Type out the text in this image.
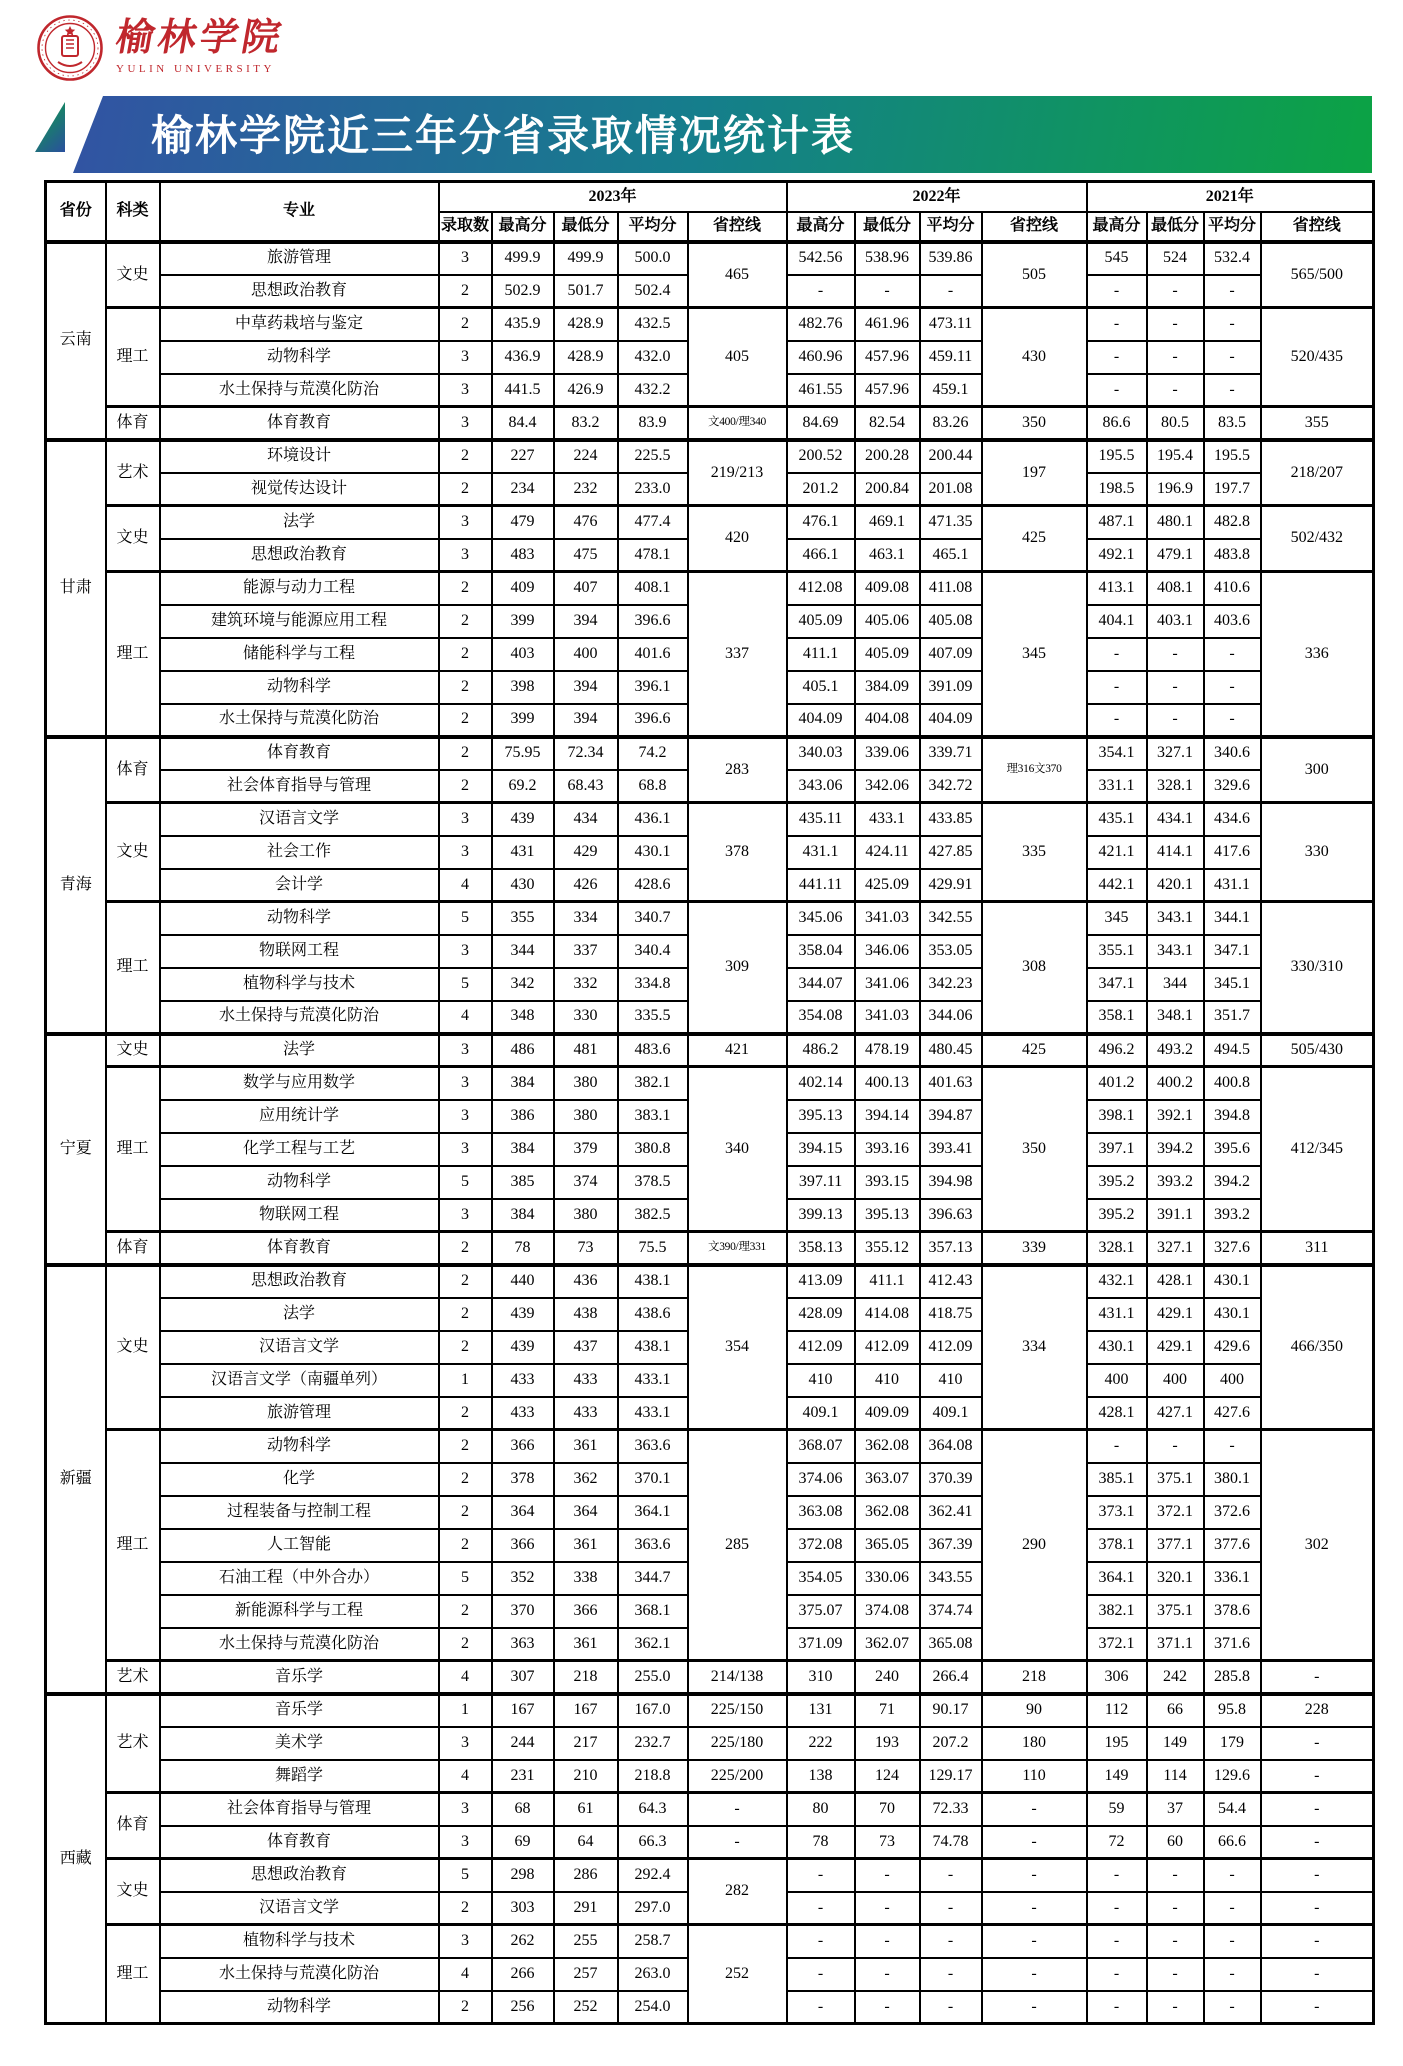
榆林学院
YULIN UNIVERSITY
榆林学院近三年分省录取情况统计表
省份	科类	专业	2023年					2022年				2021年			
			录取数	最高分	最低分	平均分	省控线	最高分	最低分	平均分	省控线	最高分	最低分	平均分	省控线
云南	文史	旅游管理	3	499.9	499.9	500.0	465	542.56	538.96	539.86	505	545	524	532.4	565/500
		思想政治教育	2	502.9	501.7	502.4		-	-	-		-	-	-	
	理工	中草药栽培与鉴定	2	435.9	428.9	432.5	405	482.76	461.96	473.11	430	-	-	-	520/435
		动物科学	3	436.9	428.9	432.0		460.96	457.96	459.11		-	-	-	
		水土保持与荒漠化防治	3	441.5	426.9	432.2		461.55	457.96	459.1		-	-	-	
	体育	体育教育	3	84.4	83.2	83.9	文400/理340	84.69	82.54	83.26	350	86.6	80.5	83.5	355
甘肃	艺术	环境设计	2	227	224	225.5	219/213	200.52	200.28	200.44	197	195.5	195.4	195.5	218/207
		视觉传达设计	2	234	232	233.0		201.2	200.84	201.08		198.5	196.9	197.7	
	文史	法学	3	479	476	477.4	420	476.1	469.1	471.35	425	487.1	480.1	482.8	502/432
		思想政治教育	3	483	475	478.1		466.1	463.1	465.1		492.1	479.1	483.8	
	理工	能源与动力工程	2	409	407	408.1	337	412.08	409.08	411.08	345	413.1	408.1	410.6	336
		建筑环境与能源应用工程	2	399	394	396.6		405.09	405.06	405.08		404.1	403.1	403.6	
		储能科学与工程	2	403	400	401.6		411.1	405.09	407.09		-	-	-	
		动物科学	2	398	394	396.1		405.1	384.09	391.09		-	-	-	
		水土保持与荒漠化防治	2	399	394	396.6		404.09	404.08	404.09		-	-	-	
青海	体育	体育教育	2	75.95	72.34	74.2	283	340.03	339.06	339.71	理316文370	354.1	327.1	340.6	300
		社会体育指导与管理	2	69.2	68.43	68.8		343.06	342.06	342.72		331.1	328.1	329.6	
	文史	汉语言文学	3	439	434	436.1	378	435.11	433.1	433.85	335	435.1	434.1	434.6	330
		社会工作	3	431	429	430.1		431.1	424.11	427.85		421.1	414.1	417.6	
		会计学	4	430	426	428.6		441.11	425.09	429.91		442.1	420.1	431.1	
	理工	动物科学	5	355	334	340.7	309	345.06	341.03	342.55	308	345	343.1	344.1	330/310
		物联网工程	3	344	337	340.4		358.04	346.06	353.05		355.1	343.1	347.1	
		植物科学与技术	5	342	332	334.8		344.07	341.06	342.23		347.1	344	345.1	
		水土保持与荒漠化防治	4	348	330	335.5		354.08	341.03	344.06		358.1	348.1	351.7	
宁夏	文史	法学	3	486	481	483.6	421	486.2	478.19	480.45	425	496.2	493.2	494.5	505/430
	理工	数学与应用数学	3	384	380	382.1	340	402.14	400.13	401.63	350	401.2	400.2	400.8	412/345
		应用统计学	3	386	380	383.1		395.13	394.14	394.87		398.1	392.1	394.8	
		化学工程与工艺	3	384	379	380.8		394.15	393.16	393.41		397.1	394.2	395.6	
		动物科学	5	385	374	378.5		397.11	393.15	394.98		395.2	393.2	394.2	
		物联网工程	3	384	380	382.5		399.13	395.13	396.63		395.2	391.1	393.2	
	体育	体育教育	2	78	73	75.5	文390/理331	358.13	355.12	357.13	339	328.1	327.1	327.6	311
新疆	文史	思想政治教育	2	440	436	438.1	354	413.09	411.1	412.43	334	432.1	428.1	430.1	466/350
		法学	2	439	438	438.6		428.09	414.08	418.75		431.1	429.1	430.1	
		汉语言文学	2	439	437	438.1		412.09	412.09	412.09		430.1	429.1	429.6	
		汉语言文学（南疆单列）	1	433	433	433.1		410	410	410		400	400	400	
		旅游管理	2	433	433	433.1		409.1	409.09	409.1		428.1	427.1	427.6	
	理工	动物科学	2	366	361	363.6	285	368.07	362.08	364.08	290	-	-	-	302
		化学	2	378	362	370.1		374.06	363.07	370.39		385.1	375.1	380.1	
		过程装备与控制工程	2	364	364	364.1		363.08	362.08	362.41		373.1	372.1	372.6	
		人工智能	2	366	361	363.6		372.08	365.05	367.39		378.1	377.1	377.6	
		石油工程（中外合办）	5	352	338	344.7		354.05	330.06	343.55		364.1	320.1	336.1	
		新能源科学与工程	2	370	366	368.1		375.07	374.08	374.74		382.1	375.1	378.6	
		水土保持与荒漠化防治	2	363	361	362.1		371.09	362.07	365.08		372.1	371.1	371.6	
	艺术	音乐学	4	307	218	255.0	214/138	310	240	266.4	218	306	242	285.8	-
西藏	艺术	音乐学	1	167	167	167.0	225/150	131	71	90.17	90	112	66	95.8	228
		美术学	3	244	217	232.7	225/180	222	193	207.2	180	195	149	179	-
		舞蹈学	4	231	210	218.8	225/200	138	124	129.17	110	149	114	129.6	-
	体育	社会体育指导与管理	3	68	61	64.3	-	80	70	72.33	-	59	37	54.4	-
		体育教育	3	69	64	66.3	-	78	73	74.78	-	72	60	66.6	-
	文史	思想政治教育	5	298	286	292.4	282	-	-	-	-	-	-	-	-
		汉语言文学	2	303	291	297.0		-	-	-	-	-	-	-	-
	理工	植物科学与技术	3	262	255	258.7	252	-	-	-	-	-	-	-	-
		水土保持与荒漠化防治	4	266	257	263.0		-	-	-	-	-	-	-	-
		动物科学	2	256	252	254.0		-	-	-	-	-	-	-	-
